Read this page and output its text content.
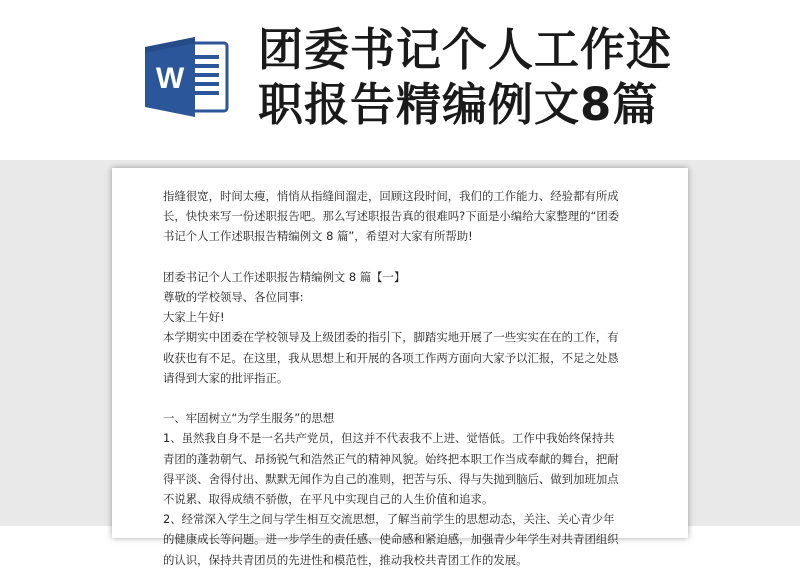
W
团委书记个人工作述
职报告精编例文8篇

指缝很宽，时间太瘦，悄悄从指缝间溜走，回顾这段时间，我们的工作能力、经验都有所成

长，快快来写一份述职报告吧。那么写述职报告真的很难吗?下面是小编给大家整理的“团委

书记个人工作述职报告精编例文 8 篇”，希望对大家有所帮助!

团委书记个人工作述职报告精编例文 8 篇【一】

尊敬的学校领导、各位同事:

大家上午好!

本学期实中团委在学校领导及上级团委的指引下，脚踏实地开展了一些实实在在的工作，有

收获也有不足。在这里，我从思想上和开展的各项工作两方面向大家予以汇报，不足之处恳

请得到大家的批评指正。

一、牢固树立“为学生服务”的思想

1、虽然我自身不是一名共产党员，但这并不代表我不上进、觉悟低。工作中我始终保持共

青团的蓬勃朝气、昂扬锐气和浩然正气的精神风貌。始终把本职工作当成奉献的舞台，把耐

得平淡、舍得付出、默默无闻作为自己的准则，把苦与乐、得与失抛到脑后、做到加班加点

不说累、取得成绩不骄傲，在平凡中实现自己的人生价值和追求。

2、经常深入学生之间与学生相互交流思想，了解当前学生的思想动态，关注、关心青少年

的健康成长等问题。进一步学生的责任感、使命感和紧迫感，加强青少年学生对共青团组织

的认识，保持共青团员的先进性和模范性，推动我校共青团工作的发展。
